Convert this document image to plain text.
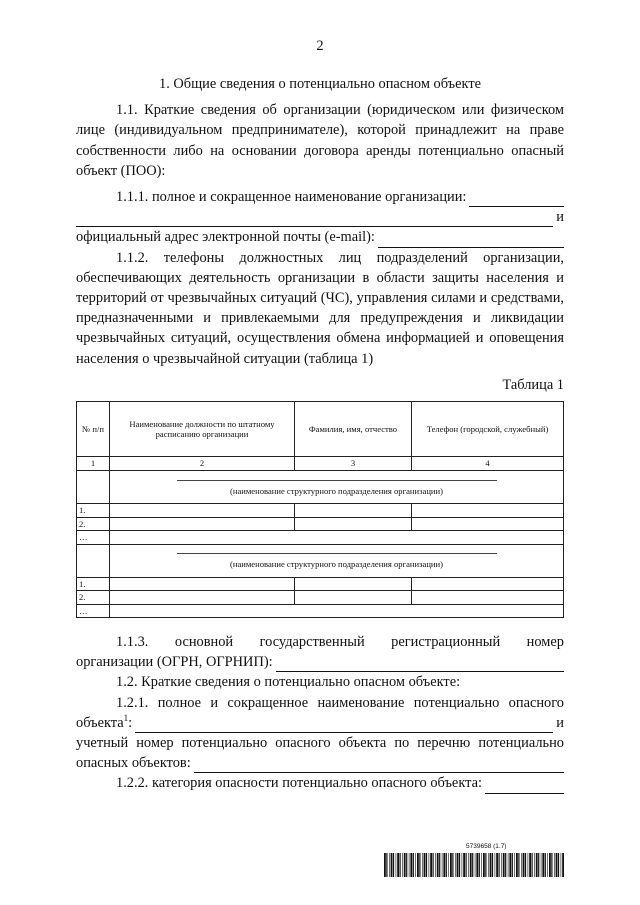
2

1. Общие сведения о потенциально опасном объекте

1.1. Краткие сведения об организации (юридическом или физическом лице (индивидуальном предпринимателе), которой принадлежит на праве собственности либо на основании договора аренды потенциально опасный объект (ПОО):

1.1.1. полное и сокращенное наименование организации:
и
официальный адрес электронной почты (e-mail):

1.1.2. телефоны должностных лиц подразделений организации, обеспечивающих деятельность организации в области защиты населения и территорий от чрезвычайных ситуаций (ЧС), управления силами и средствами, предназначенными и привлекаемыми для предупреждения и ликвидации чрезвычайных ситуаций, осуществления обмена информацией и оповещения населения о чрезвычайной ситуации (таблица 1)

Таблица 1

№ п/п	Наименование должности по штатному расписанию организации	Фамилия, имя, отчество	Телефон (городской, служебный)
1	2	3	4

(наименование структурного подразделения организации)		
1.			
2.			
…			

(наименование структурного подразделения организации)		
1.			
2.			
…			
1.1.3. основной государственный регистрационный номер
организации (ОГРН, ОГРНИП):

1.2. Краткие сведения о потенциально опасном объекте:

1.2.1. полное и сокращенное наименование потенциально опасного
объекта$^1$:	и
учетный номер потенциально опасного объекта по перечню потенциально
опасных объектов:
1.2.2. категория опасности потенциально опасного объекта:
5739658 (1.7)
